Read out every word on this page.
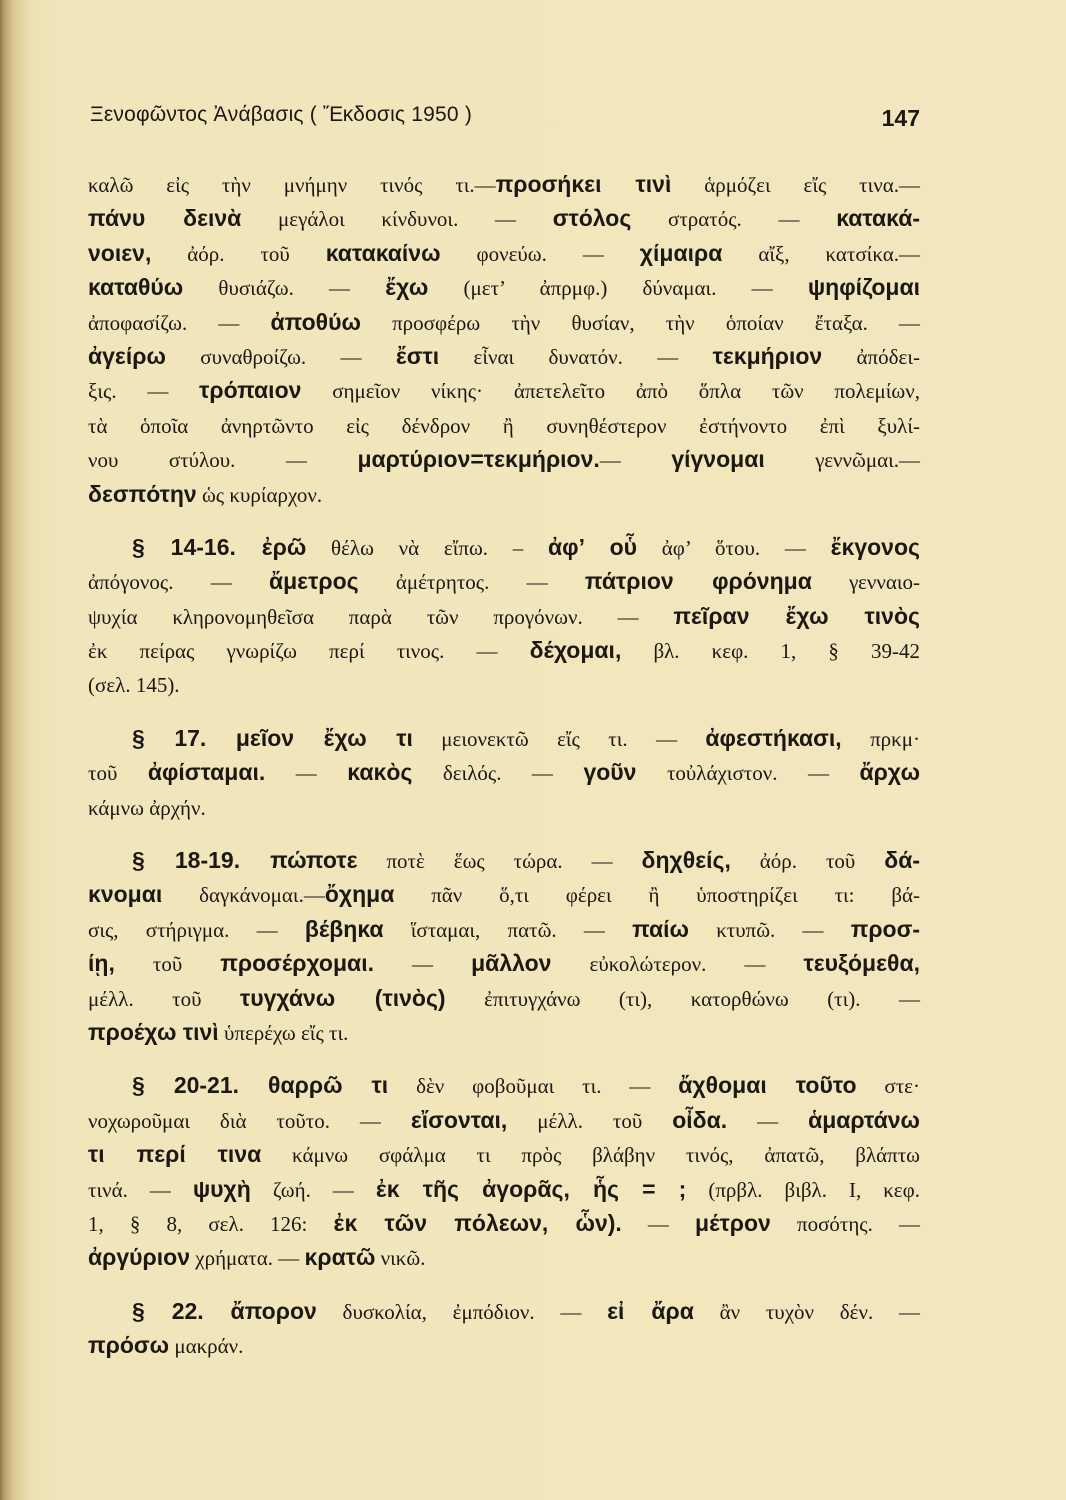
Ξενοφῶντος Ἀνάβασις ( Ἔκδοσις 1950 )	147
καλῶ εἰς τὴν μνήμην τινός τι.—προσήκει τινὶ ἁρμόζει εἴς τινα.—
πάνυ δεινὰ μεγάλοι κίνδυνοι. — στόλος στρατός. — κατακά-
νοιεν, ἀόρ. τοῦ κατακαίνω φονεύω. — χίμαιρα αἴξ, κατσίκα.—
καταθύω θυσιάζω. — ἔχω (μετ’ ἀπρμφ.) δύναμαι. — ψηφίζομαι
ἀποφασίζω. — ἀποθύω προσφέρω τὴν θυσίαν, τὴν ὁποίαν ἔταξα. —
ἀγείρω συναθροίζω. — ἔστι εἶναι δυνατόν. — τεκμήριον ἀπόδει-
ξις. — τρόπαιον σημεῖον νίκης· ἀπετελεῖτο ἀπὸ ὅπλα τῶν πολεμίων,
τὰ ὁποῖα ἀνηρτῶντο εἰς δένδρον ἢ συνηθέστερον ἐστήνοντο ἐπὶ ξυλί-
νου στύλου. — μαρτύριον=τεκμήριον.— γίγνομαι γεννῶμαι.—
δεσπότην ὡς κυρίαρχον.
§ 14-16. ἐρῶ θέλω νὰ εἴπω. – ἀφ’ οὗ ἀφ’ ὅτου. — ἔκγονος
ἀπόγονος. — ἄμετρος ἀμέτρητος. — πάτριον φρόνημα γενναιο-
ψυχία κληρονομηθεῖσα παρὰ τῶν προγόνων. — πεῖραν ἔχω τινὸς
ἐκ πείρας γνωρίζω περί τινος. — δέχομαι, βλ. κεφ. 1, § 39-42
(σελ. 145).
§ 17. μεῖον ἔχω τι μειονεκτῶ εἴς τι. — ἀφεστήκασι, πρκμ·
τοῦ ἀφίσταμαι. — κακὸς δειλός. — γοῦν τοὐλάχιστον. — ἄρχω
κάμνω ἀρχήν.
§ 18-19. πώποτε ποτὲ ἕως τώρα. — δηχθείς, ἀόρ. τοῦ δά-
κνομαι δαγκάνομαι.—ὄχημα πᾶν ὅ,τι φέρει ἢ ὑποστηρίζει τι: βά-
σις, στήριγμα. — βέβηκα ἵσταμαι, πατῶ. — παίω κτυπῶ. — προσ-
ίῃ, τοῦ προσέρχομαι. — μᾶλλον εὐκολώτερον. — τευξόμεθα,
μέλλ. τοῦ τυγχάνω (τινὸς) ἐπιτυγχάνω (τι), κατορθώνω (τι). —
προέχω τινὶ ὑπερέχω εἴς τι.
§ 20-21. θαρρῶ τι δὲν φοβοῦμαι τι. — ἄχθομαι τοῦτο στε·
νοχωροῦμαι διὰ τοῦτο. — εἴσονται, μέλλ. τοῦ οἶδα. — ἁμαρτάνω
τι περί τινα κάμνω σφάλμα τι πρὸς βλάβην τινός, ἀπατῶ, βλάπτω
τινά. — ψυχὴ ζωή. — ἐκ τῆς ἀγορᾶς, ἧς = ; (πρβλ. βιβλ. I, κεφ.
1, § 8, σελ. 126: ἐκ τῶν πόλεων, ὧν). — μέτρον ποσότης. —
ἀργύριον χρήματα. — κρατῶ νικῶ.
§ 22. ἄπορον δυσκολία, ἐμπόδιον. — εἰ ἄρα ἂν τυχὸν δέν. —
πρόσω μακράν.
